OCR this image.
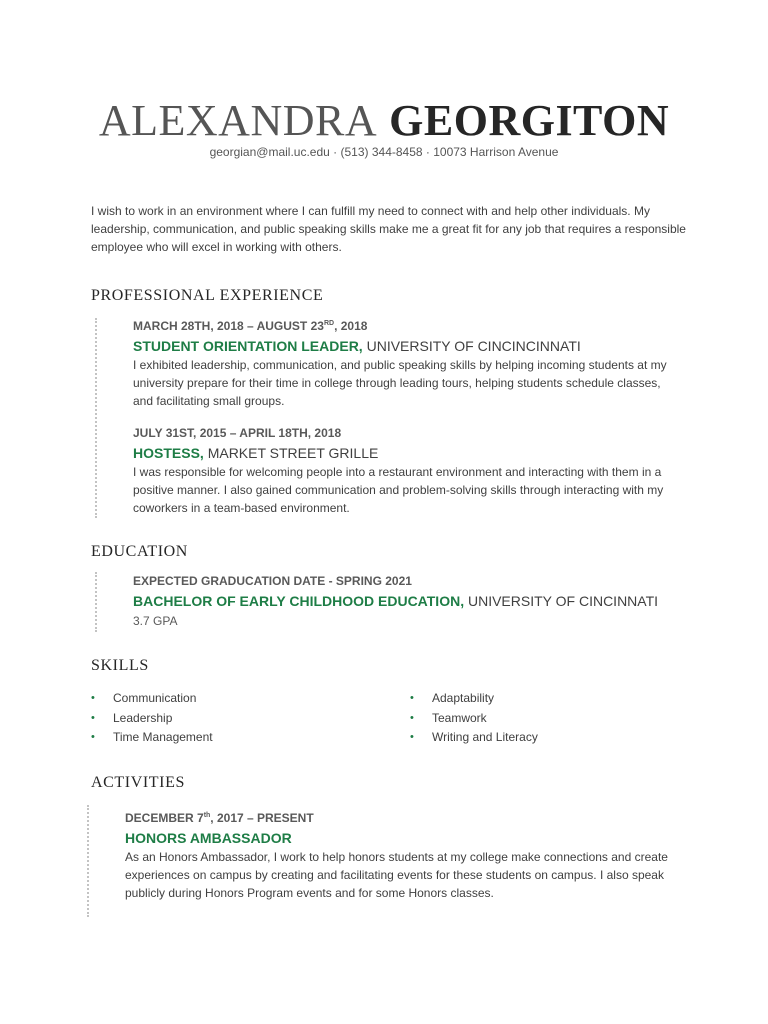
ALEXANDRA GEORGITON
georgian@mail.uc.edu · (513) 344-8458 · 10073 Harrison Avenue
I wish to work in an environment where I can fulfill my need to connect with and help other individuals. My leadership, communication, and public speaking skills make me a great fit for any job that requires a responsible employee who will excel in working with others.
PROFESSIONAL EXPERIENCE
MARCH 28TH, 2018 – AUGUST 23RD, 2018
STUDENT ORIENTATION LEADER, UNIVERSITY OF CINCINCINNATI
I exhibited leadership, communication, and public speaking skills by helping incoming students at my university prepare for their time in college through leading tours, helping students schedule classes, and facilitating small groups.
JULY 31ST, 2015 – APRIL 18TH, 2018
HOSTESS, MARKET STREET GRILLE
I was responsible for welcoming people into a restaurant environment and interacting with them in a positive manner. I also gained communication and problem-solving skills through interacting with my coworkers in a team-based environment.
EDUCATION
EXPECTED GRADUCATION DATE - SPRING 2021
BACHELOR OF EARLY CHILDHOOD EDUCATION, UNIVERSITY OF CINCINNATI
3.7 GPA
SKILLS
• Communication
• Leadership
• Time Management
• Adaptability
• Teamwork
• Writing and Literacy
ACTIVITIES
DECEMBER 7th, 2017 – PRESENT
HONORS AMBASSADOR
As an Honors Ambassador, I work to help honors students at my college make connections and create experiences on campus by creating and facilitating events for these students on campus. I also speak publicly during Honors Program events and for some Honors classes.
